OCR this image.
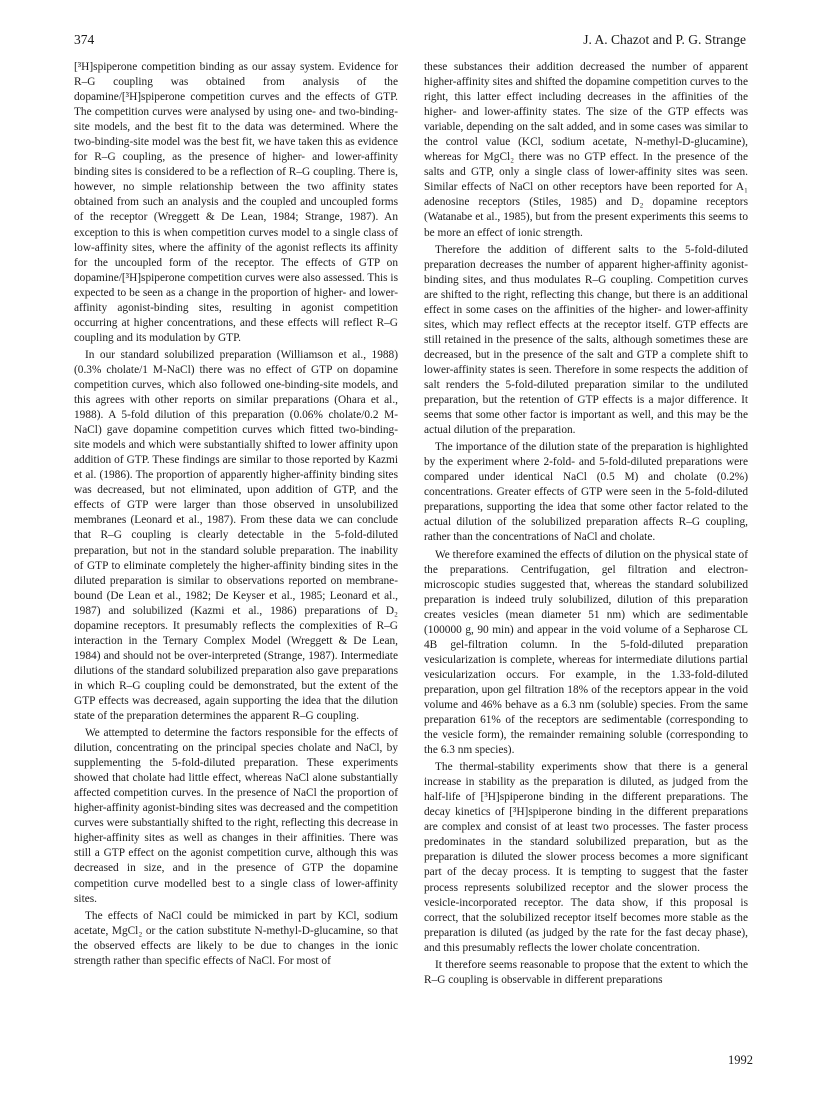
374	J. A. Chazot and P. G. Strange

[³H]spiperone competition binding as our assay system. Evidence for R–G coupling was obtained from analysis of the dopamine/[³H]spiperone competition curves and the effects of GTP. The competition curves were analysed by using one- and two-binding-site models, and the best fit to the data was determined. Where the two-binding-site model was the best fit, we have taken this as evidence for R–G coupling, as the presence of higher- and lower-affinity binding sites is considered to be a reflection of R–G coupling. There is, however, no simple relationship between the two affinity states obtained from such an analysis and the coupled and uncoupled forms of the receptor (Wreggett & De Lean, 1984; Strange, 1987). An exception to this is when competition curves model to a single class of low-affinity sites, where the affinity of the agonist reflects its affinity for the uncoupled form of the receptor. The effects of GTP on dopamine/[³H]spiperone competition curves were also assessed. This is expected to be seen as a change in the proportion of higher- and lower-affinity agonist-binding sites, resulting in agonist competition occurring at higher concentrations, and these effects will reflect R–G coupling and its modulation by GTP.

In our standard solubilized preparation (Williamson et al., 1988) (0.3% cholate/1 M-NaCl) there was no effect of GTP on dopamine competition curves, which also followed one-binding-site models, and this agrees with other reports on similar preparations (Ohara et al., 1988). A 5-fold dilution of this preparation (0.06% cholate/0.2 M-NaCl) gave dopamine competition curves which fitted two-binding-site models and which were substantially shifted to lower affinity upon addition of GTP. These findings are similar to those reported by Kazmi et al. (1986). The proportion of apparently higher-affinity binding sites was decreased, but not eliminated, upon addition of GTP, and the effects of GTP were larger than those observed in unsolubilized membranes (Leonard et al., 1987). From these data we can conclude that R–G coupling is clearly detectable in the 5-fold-diluted preparation, but not in the standard soluble preparation. The inability of GTP to eliminate completely the higher-affinity binding sites in the diluted preparation is similar to observations reported on membrane-bound (De Lean et al., 1982; De Keyser et al., 1985; Leonard et al., 1987) and solubilized (Kazmi et al., 1986) preparations of D₂ dopamine receptors. It presumably reflects the complexities of R–G interaction in the Ternary Complex Model (Wreggett & De Lean, 1984) and should not be over-interpreted (Strange, 1987). Intermediate dilutions of the standard solubilized preparation also gave preparations in which R–G coupling could be demonstrated, but the extent of the GTP effects was decreased, again supporting the idea that the dilution state of the preparation determines the apparent R–G coupling.

We attempted to determine the factors responsible for the effects of dilution, concentrating on the principal species cholate and NaCl, by supplementing the 5-fold-diluted preparation. These experiments showed that cholate had little effect, whereas NaCl alone substantially affected competition curves. In the presence of NaCl the proportion of higher-affinity agonist-binding sites was decreased and the competition curves were substantially shifted to the right, reflecting this decrease in higher-affinity sites as well as changes in their affinities. There was still a GTP effect on the agonist competition curve, although this was decreased in size, and in the presence of GTP the dopamine competition curve modelled best to a single class of lower-affinity sites.

The effects of NaCl could be mimicked in part by KCl, sodium acetate, MgCl₂ or the cation substitute N-methyl-D-glucamine, so that the observed effects are likely to be due to changes in the ionic strength rather than specific effects of NaCl. For most of

these substances their addition decreased the number of apparent higher-affinity sites and shifted the dopamine competition curves to the right, this latter effect including decreases in the affinities of the higher- and lower-affinity states. The size of the GTP effects was variable, depending on the salt added, and in some cases was similar to the control value (KCl, sodium acetate, N-methyl-D-glucamine), whereas for MgCl₂ there was no GTP effect. In the presence of the salts and GTP, only a single class of lower-affinity sites was seen. Similar effects of NaCl on other receptors have been reported for A₁ adenosine receptors (Stiles, 1985) and D₂ dopamine receptors (Watanabe et al., 1985), but from the present experiments this seems to be more an effect of ionic strength.

Therefore the addition of different salts to the 5-fold-diluted preparation decreases the number of apparent higher-affinity agonist-binding sites, and thus modulates R–G coupling. Competition curves are shifted to the right, reflecting this change, but there is an additional effect in some cases on the affinities of the higher- and lower-affinity sites, which may reflect effects at the receptor itself. GTP effects are still retained in the presence of the salts, although sometimes these are decreased, but in the presence of the salt and GTP a complete shift to lower-affinity states is seen. Therefore in some respects the addition of salt renders the 5-fold-diluted preparation similar to the undiluted preparation, but the retention of GTP effects is a major difference. It seems that some other factor is important as well, and this may be the actual dilution of the preparation.

The importance of the dilution state of the preparation is highlighted by the experiment where 2-fold- and 5-fold-diluted preparations were compared under identical NaCl (0.5 M) and cholate (0.2%) concentrations. Greater effects of GTP were seen in the 5-fold-diluted preparations, supporting the idea that some other factor related to the actual dilution of the solubilized preparation affects R–G coupling, rather than the concentrations of NaCl and cholate.

We therefore examined the effects of dilution on the physical state of the preparations. Centrifugation, gel filtration and electron-microscopic studies suggested that, whereas the standard solubilized preparation is indeed truly solubilized, dilution of this preparation creates vesicles (mean diameter 51 nm) which are sedimentable (100000 g, 90 min) and appear in the void volume of a Sepharose CL 4B gel-filtration column. In the 5-fold-diluted preparation vesicularization is complete, whereas for intermediate dilutions partial vesicularization occurs. For example, in the 1.33-fold-diluted preparation, upon gel filtration 18% of the receptors appear in the void volume and 46% behave as a 6.3 nm (soluble) species. From the same preparation 61% of the receptors are sedimentable (corresponding to the vesicle form), the remainder remaining soluble (corresponding to the 6.3 nm species).

The thermal-stability experiments show that there is a general increase in stability as the preparation is diluted, as judged from the half-life of [³H]spiperone binding in the different preparations. The decay kinetics of [³H]spiperone binding in the different preparations are complex and consist of at least two processes. The faster process predominates in the standard solubilized preparation, but as the preparation is diluted the slower process becomes a more significant part of the decay process. It is tempting to suggest that the faster process represents solubilized receptor and the slower process the vesicle-incorporated receptor. The data show, if this proposal is correct, that the solubilized receptor itself becomes more stable as the preparation is diluted (as judged by the rate for the fast decay phase), and this presumably reflects the lower cholate concentration.

It therefore seems reasonable to propose that the extent to which the R–G coupling is observable in different preparations

1992
